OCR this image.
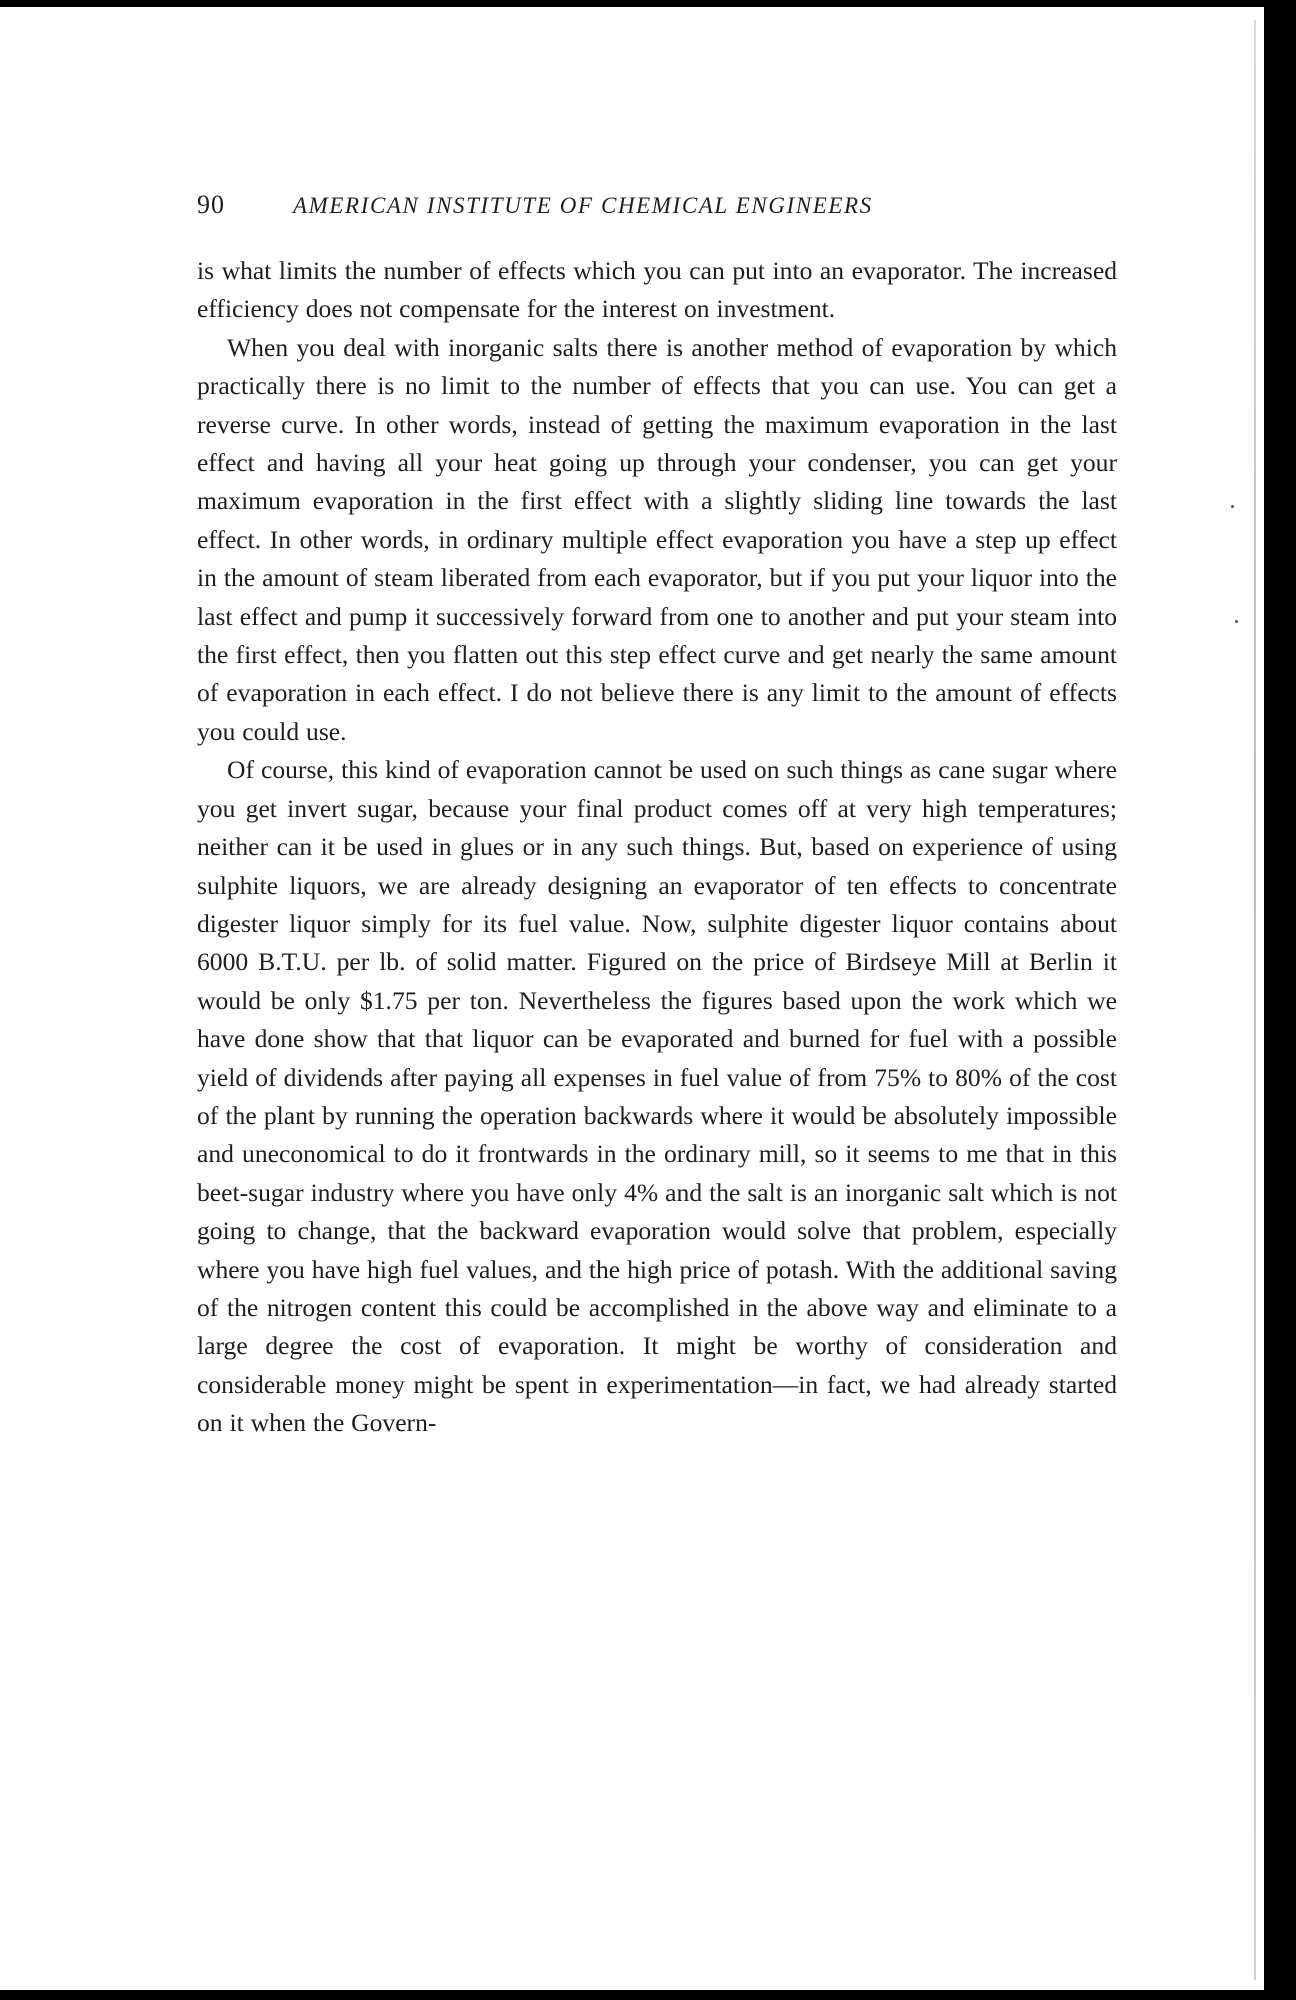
90	AMERICAN INSTITUTE OF CHEMICAL ENGINEERS

is what limits the number of effects which you can put into an evaporator. The increased efficiency does not compensate for the interest on investment.

When you deal with inorganic salts there is another method of evaporation by which practically there is no limit to the number of effects that you can use. You can get a reverse curve. In other words, instead of getting the maximum evaporation in the last effect and having all your heat going up through your condenser, you can get your maximum evaporation in the first effect with a slightly sliding line towards the last effect. In other words, in ordinary multiple effect evaporation you have a step up effect in the amount of steam liberated from each evaporator, but if you put your liquor into the last effect and pump it successively forward from one to another and put your steam into the first effect, then you flatten out this step effect curve and get nearly the same amount of evaporation in each effect. I do not believe there is any limit to the amount of effects you could use.

Of course, this kind of evaporation cannot be used on such things as cane sugar where you get invert sugar, because your final product comes off at very high temperatures; neither can it be used in glues or in any such things. But, based on experience of using sulphite liquors, we are already designing an evaporator of ten effects to concentrate digester liquor simply for its fuel value. Now, sulphite digester liquor contains about 6000 B.T.U. per lb. of solid matter. Figured on the price of Birdseye Mill at Berlin it would be only $1.75 per ton. Nevertheless the figures based upon the work which we have done show that that liquor can be evaporated and burned for fuel with a possible yield of dividends after paying all expenses in fuel value of from 75% to 80% of the cost of the plant by running the operation backwards where it would be absolutely impossible and uneconomical to do it frontwards in the ordinary mill, so it seems to me that in this beet-sugar industry where you have only 4% and the salt is an inorganic salt which is not going to change, that the backward evaporation would solve that problem, especially where you have high fuel values, and the high price of potash. With the additional saving of the nitrogen content this could be accomplished in the above way and eliminate to a large degree the cost of evaporation. It might be worthy of consideration and considerable money might be spent in experimentation—in fact, we had already started on it when the Govern-
